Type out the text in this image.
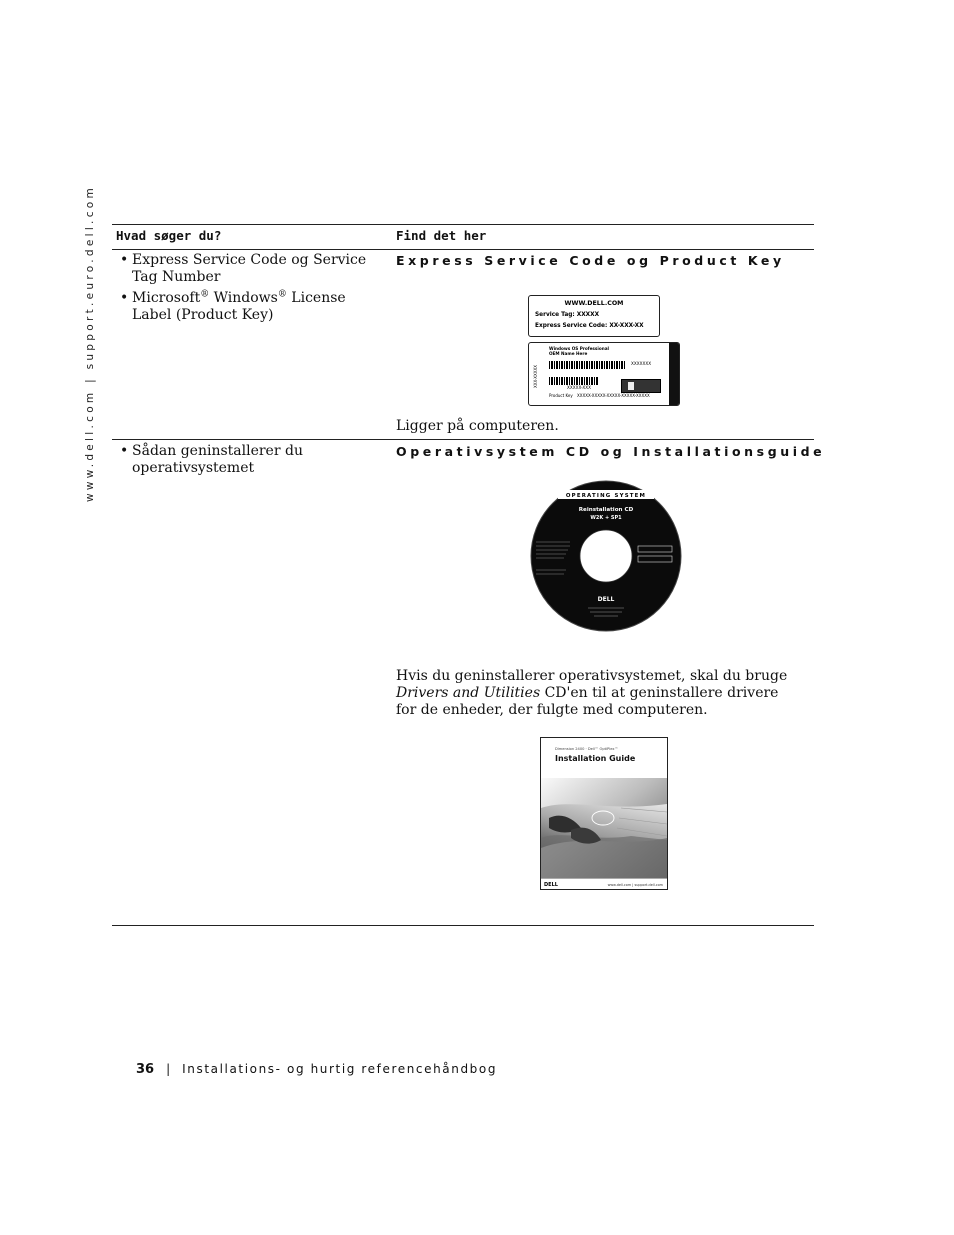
www.dell.com | support.euro.dell.com Hvad søger du?	Find det her
• Express Service Code og Service Tag Number
• Microsoft® Windows® License Label (Product Key)
Express Service Code og Product Key
WWW.DELL.COM
Service Tag: XXXXX
Express Service Code: XX-XXX-XX
Windows OS Professional
OEM Name Here
XXX-XXXXX
XXXXXXX
XXXXX-XXX
Product Key XXXXX-XXXXX-XXXXX-XXXXX-XXXXX
Ligger på computeren.
• Sådan geninstallerer du operativsystemet
Operativsystem CD og Installationsguide
OPERATING SYSTEM
Reinstallation CD
W2K + SP1
DELL
Hvis du geninstallerer operativsystemet, skal du bruge Drivers and Utilities CD'en til at geninstallere drivere for de enheder, der fulgte med computeren.
Dimension 2400 · Dell™ OptiPlex™
Installation Guide
DELL	www.dell.com | support.dell.com
36 | Installations- og hurtig referencehåndbog
